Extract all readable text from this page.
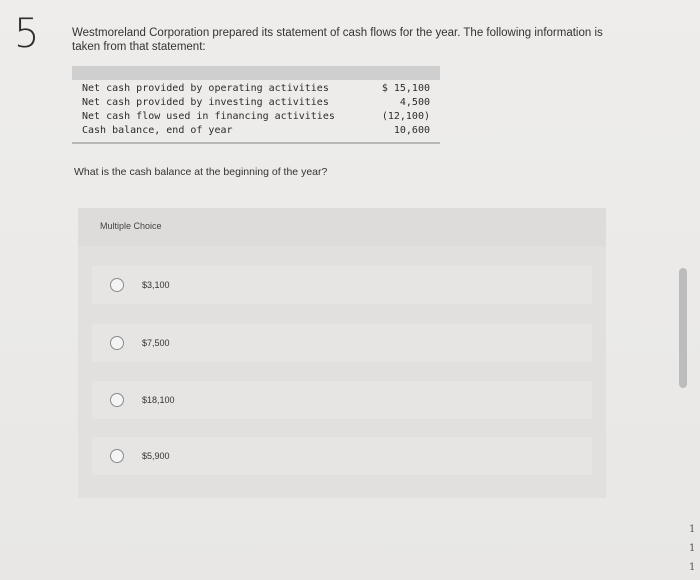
5	Westmoreland Corporation prepared its statement of cash flows for the year. The following information is taken from that statement:
Net cash provided by operating activities	$ 15,100
Net cash provided by investing activities	4,500
Net cash flow used in financing activities	(12,100)
Cash balance, end of year	10,600
What is the cash balance at the beginning of the year?
Multiple Choice
$3,100
$7,500
$18,100
$5,900
1
1
1
